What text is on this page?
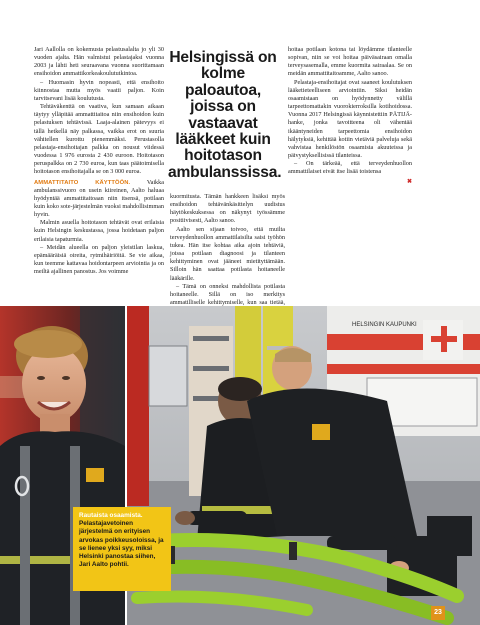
Jari Aallolla on kokemusta pelastusalalta jo yli 30 vuoden ajalta. Hän valmistui pelastajaksi vuonna 2003 ja lähti heti seuraavana vuonna suorittamaan ensihoidon ammattikorkeakoulututkintoa.

– Huomasin hyvin nopeasti, että ensihoito kiinnostaa mutta myös vaatii paljon. Koin tarvitsevani lisää koulutusta.

Tehtäväkenttä on vaativa, kun samaan aikaan täytyy ylläpitää ammattitaitoa niin ensihoidon kuin pelastuksen tehtävissä. Laaja-alainen pätevyys ei tällä hetkellä näy palkassa, vaikka erot on suuria vähitellen kurottu pienemmäksi. Perustasolla pelastaja-ensihoitajan palkka on nousut viidessä vuodessa 1 976 eurosta 2 430 euroon. Hoitotason peruspalkka on 2 730 euroa, kun taas päätoimisella hoitotason ensihoitajalla se on 3 000 euroa.

AMMATTITAITO KÄYTTÖÖN.	Vaikka ambulanssivuoro on usein kiireinen, Aalto haluaa hyödyntää ammattitaitoaan niin itsensä, potilaan kuin koko sote-järjestelmän vuoksi mahdollisimman hyvin.

Malmin asuella hoitotason tehtävät ovat erilaisia kuin Helsingin keskustassa, jossa hoidetaan paljon erilaisia tapaturmia.

– Meidän alueella on paljon yleistilan laskua, epämääräisiä oireita, rytmihäiriöitä. Se vie aikaa, kun teemme kattavaa hoidontarpeen arviointia ja on meiltä ajallinen panostus. Jos voimme

Helsingissä on kolme paloautoa, joissa on vastaavat lääkkeet kuin hoitotason ambulanssissa.

kuormitusta. Tämän hankkeen lisäksi myös ensihoidon tehtävänkäsittelyn uudistus häytökeskuksessa on näkynyt työssämme positiivisesti, Aalto sanoo.

Aalto sen sijaan toivoo, että muilta terveydenhuollon ammattilaisilta saisi työhön tukea. Hän itse kohtaa aika ajoin tehtäviä, joissa potilaan diagnoosi ja tilanteen kehittyminen ovat jääneet mietityttämään. Silloin hän saattaa potilasta hoitaneelle lääkärille.

– Tämä on onneksi mahdollista potilasta hoitaneelle. Sillä on iso merkitys ammatilliselle kehittymiselle, kun saa tietää,

hoitaa potilaan kotona tai löydämme tilanteelle sopivan, niin se voi hoitaa päiväsairaan omalla terveysasemalla, emme kuormita sairaalaa. Se on meidän ammattitaitoamme, Aalto sanoo.

Pelastaja-ensihoitajat ovat saaneet koulutuksen lääketieteelliseen arviointiin. Siksi heidän osaamistaan on hyödynnetty välillä tarpeettomattakin vuorokierroksilla kotihoidossa. Vuonna 2017 Helsingissä käynnistettiin PÄTIJÄ-hanke, jonka tavoitteena oli vähentää ikääntyneiden tarpeettomia ensihoidon hälytyksiä, kehittää kotiin vietäviä palveluja sekä vahvistaa henkilöstön osaamista akuuteissa ja päivystyksellisissä tilanteissa.

– On tärkeää, että terveydenhuollon ammattilaiset eivät itse lisää toistensa

✖

HELSINGIN KAUPUNKI
Rautaista osaamista.
Pelastajavetoinen järjestelmä on erityisen arvokas poikkeusoloissa, ja se lienee yksi syy, miksi Helsinki panostaa siihen, Jari Aalto pohtii.
23
